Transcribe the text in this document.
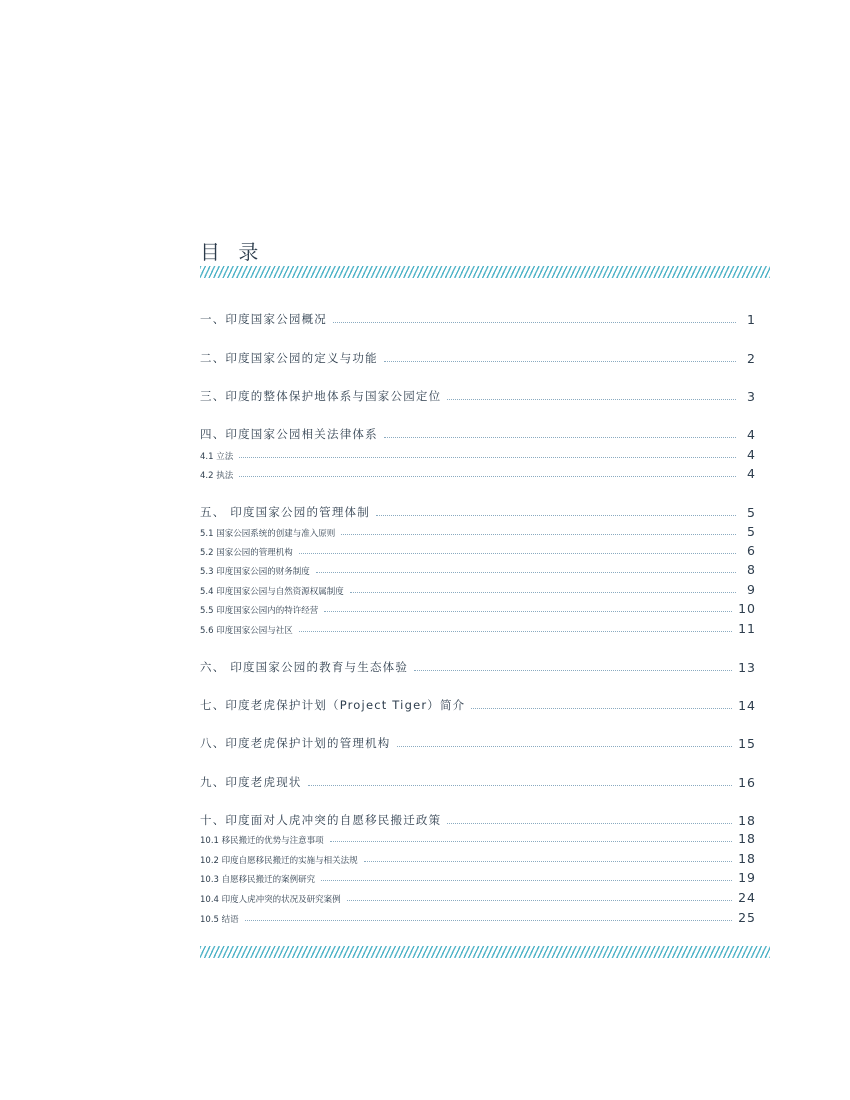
目 录
一、印度国家公园概况	1
二、印度国家公园的定义与功能	2
三、印度的整体保护地体系与国家公园定位	3
四、印度国家公园相关法律体系	4
4.1 立法	4
4.2 执法	4
五、 印度国家公园的管理体制	5
5.1 国家公园系统的创建与准入原则	5
5.2 国家公园的管理机构	6
5.3 印度国家公园的财务制度	8
5.4 印度国家公园与自然资源权属制度	9
5.5 印度国家公园内的特许经营	10
5.6 印度国家公园与社区	11
六、 印度国家公园的教育与生态体验	13
七、印度老虎保护计划（Project Tiger）简介	14
八、印度老虎保护计划的管理机构	15
九、印度老虎现状	16
十、印度面对人虎冲突的自愿移民搬迁政策	18
10.1 移民搬迁的优势与注意事项	18
10.2 印度自愿移民搬迁的实施与相关法规	18
10.3 自愿移民搬迁的案例研究	19
10.4 印度人虎冲突的状况及研究案例	24
10.5 结语	25
